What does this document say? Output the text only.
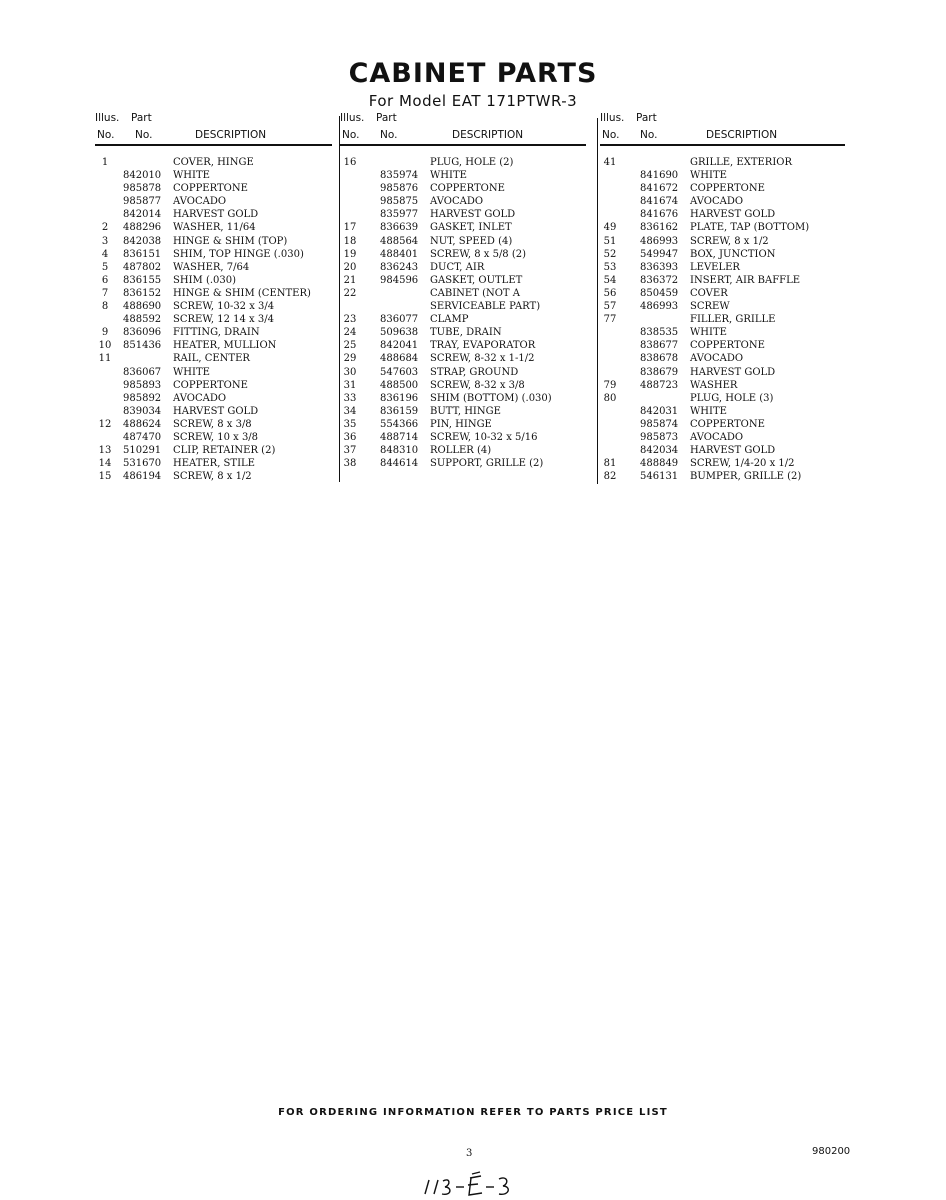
CABINET PARTS
For Model EAT 171PTWR-3
Illus. Part
No. No.	DESCRIPTION
1	COVER, HINGE
842010 WHITE
985878 COPPERTONE
985877 AVOCADO
842014 HARVEST GOLD
2	488296 WASHER, 11/64
3	842038 HINGE & SHIM (TOP)
4	836151 SHIM, TOP HINGE (.030)
5	487802 WASHER, 7/64
6	836155 SHIM (.030)
7	836152 HINGE & SHIM (CENTER)
8	488690 SCREW, 10-32 x 3/4
488592 SCREW, 12 14 x 3/4
9	836096 FITTING, DRAIN
10	851436 HEATER, MULLION
11	RAIL, CENTER
836067 WHITE
985893 COPPERTONE
985892 AVOCADO
839034 HARVEST GOLD
12	488624 SCREW, 8 x 3/8
487470 SCREW, 10 x 3/8
13	510291 CLIP, RETAINER (2)
14	531670 HEATER, STILE
15	486194 SCREW, 8 x 1/2
Illus. Part
No. No.	DESCRIPTION
16	PLUG, HOLE (2)
835974 WHITE
985876 COPPERTONE
985875 AVOCADO
835977 HARVEST GOLD
17	836639 GASKET, INLET
18	488564 NUT, SPEED (4)
19	488401 SCREW, 8 x 5/8 (2)
20	836243 DUCT, AIR
21	984596 GASKET, OUTLET
22	CABINET (NOT A
SERVICEABLE PART)
23	836077 CLAMP
24	509638 TUBE, DRAIN
25	842041 TRAY, EVAPORATOR
29	488684 SCREW, 8-32 x 1-1/2
30	547603 STRAP, GROUND
31	488500 SCREW, 8-32 x 3/8
33	836196 SHIM (BOTTOM) (.030)
34	836159 BUTT, HINGE
35	554366 PIN, HINGE
36	488714 SCREW, 10-32 x 5/16
37	848310 ROLLER (4)
38	844614 SUPPORT, GRILLE (2)
Illus. Part
No. No.	DESCRIPTION
41	GRILLE, EXTERIOR
841690 WHITE
841672 COPPERTONE
841674 AVOCADO
841676 HARVEST GOLD
49	836162 PLATE, TAP (BOTTOM)
51	486993 SCREW, 8 x 1/2
52	549947 BOX, JUNCTION
53	836393 LEVELER
54	836372 INSERT, AIR BAFFLE
56	850459 COVER
57	486993 SCREW
77	FILLER, GRILLE
838535 WHITE
838677 COPPERTONE
838678 AVOCADO
838679 HARVEST GOLD
79	488723 WASHER
80	PLUG, HOLE (3)
842031 WHITE
985874 COPPERTONE
985873 AVOCADO
842034 HARVEST GOLD
81	488849 SCREW, 1/4-20 x 1/2
82	546131 BUMPER, GRILLE (2)
FOR ORDERING INFORMATION REFER TO PARTS PRICE LIST
3	980200
